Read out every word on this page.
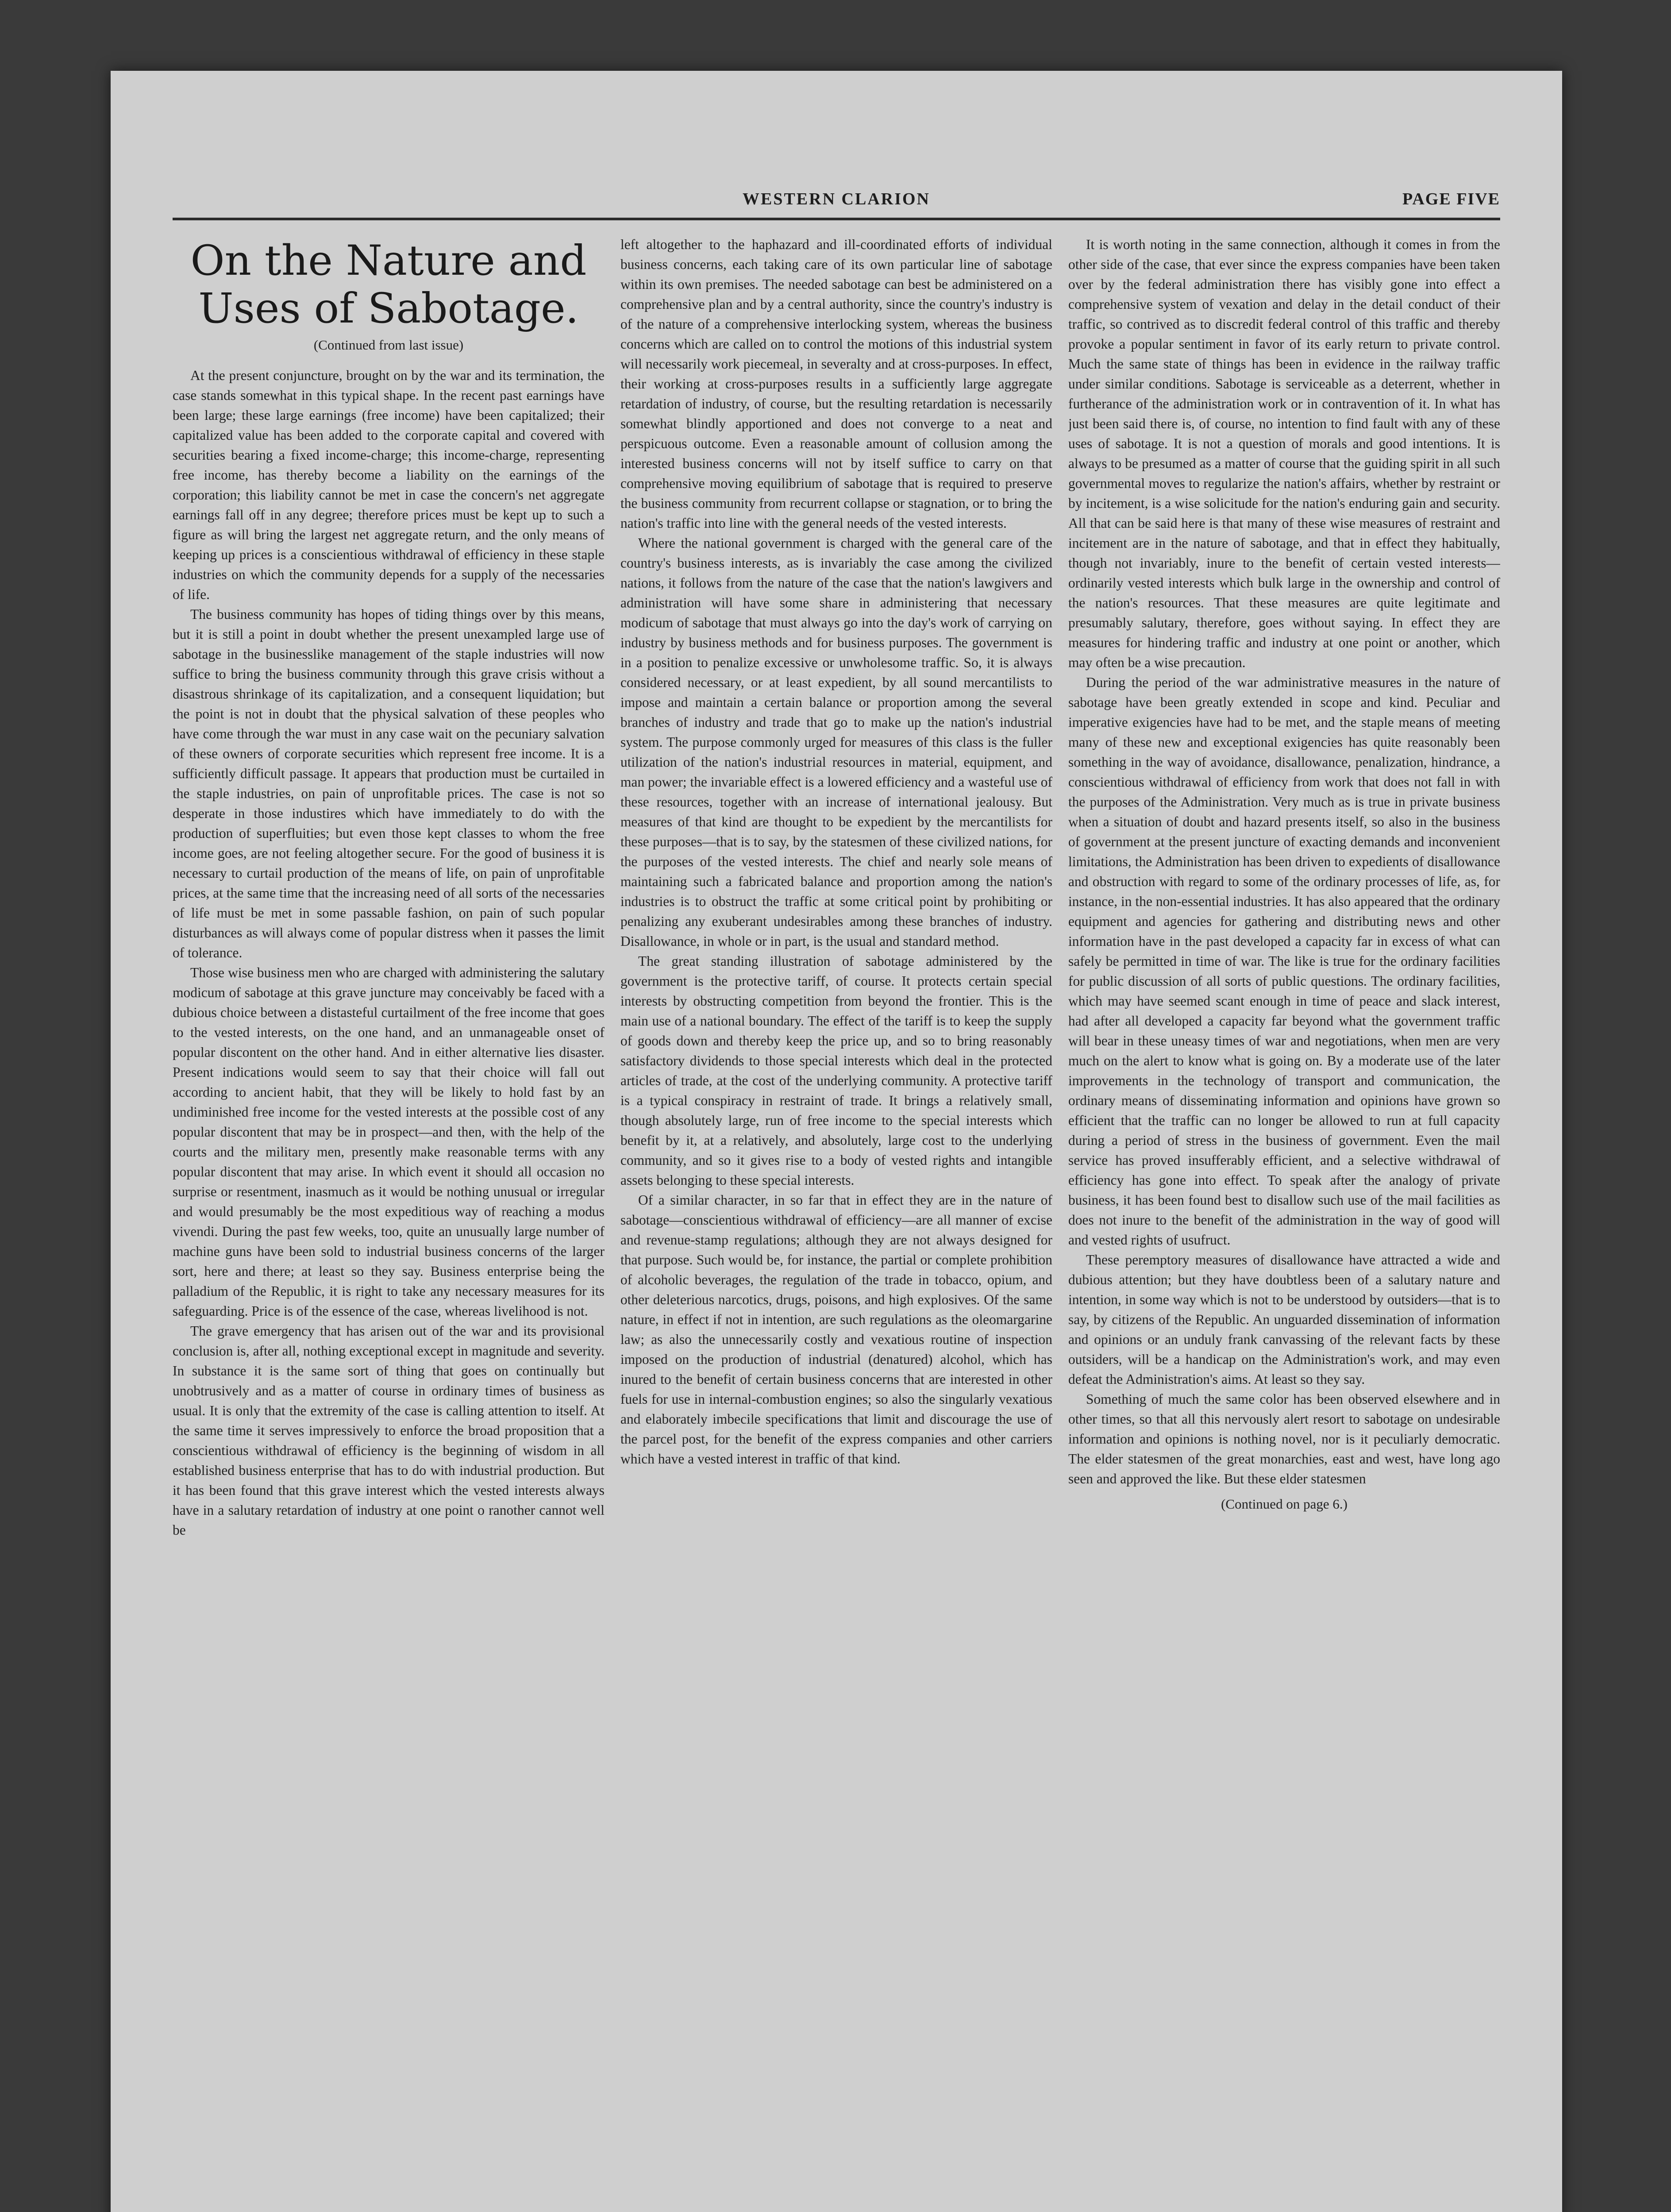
WESTERN CLARION	PAGE FIVE
On the Nature and Uses of Sabotage.
(Continued from last issue)

At the present conjuncture, brought on by the war and its termination, the case stands somewhat in this typical shape. In the recent past earnings have been large; these large earnings (free income) have been capitalized; their capitalized value has been added to the corporate capital and covered with securities bearing a fixed income-charge; this income-charge, representing free income, has thereby become a liability on the earnings of the corporation; this liability cannot be met in case the concern's net aggregate earnings fall off in any degree; therefore prices must be kept up to such a figure as will bring the largest net aggregate return, and the only means of keeping up prices is a conscientious withdrawal of efficiency in these staple industries on which the community depends for a supply of the necessaries of life.

The business community has hopes of tiding things over by this means, but it is still a point in doubt whether the present unexampled large use of sabotage in the businesslike management of the staple industries will now suffice to bring the business community through this grave crisis without a disastrous shrinkage of its capitalization, and a consequent liquidation; but the point is not in doubt that the physical salvation of these peoples who have come through the war must in any case wait on the pecuniary salvation of these owners of corporate securities which represent free income. It is a sufficiently difficult passage. It appears that production must be curtailed in the staple industries, on pain of unprofitable prices. The case is not so desperate in those industires which have immediately to do with the production of superfluities; but even those kept classes to whom the free income goes, are not feeling altogether secure. For the good of business it is necessary to curtail production of the means of life, on pain of unprofitable prices, at the same time that the increasing need of all sorts of the necessaries of life must be met in some passable fashion, on pain of such popular disturbances as will always come of popular distress when it passes the limit of tolerance.

Those wise business men who are charged with administering the salutary modicum of sabotage at this grave juncture may conceivably be faced with a dubious choice between a distasteful curtailment of the free income that goes to the vested interests, on the one hand, and an unmanageable onset of popular discontent on the other hand. And in either alternative lies disaster. Present indications would seem to say that their choice will fall out according to ancient habit, that they will be likely to hold fast by an undiminished free income for the vested interests at the possible cost of any popular discontent that may be in prospect—and then, with the help of the courts and the military men, presently make reasonable terms with any popular discontent that may arise. In which event it should all occasion no surprise or resentment, inasmuch as it would be nothing unusual or irregular and would presumably be the most expeditious way of reaching a modus vivendi. During the past few weeks, too, quite an unusually large number of machine guns have been sold to industrial business concerns of the larger sort, here and there; at least so they say. Business enterprise being the palladium of the Republic, it is right to take any necessary measures for its safeguarding. Price is of the essence of the case, whereas livelihood is not.

The grave emergency that has arisen out of the war and its provisional conclusion is, after all, nothing exceptional except in magnitude and severity. In substance it is the same sort of thing that goes on continually but unobtrusively and as a matter of course in ordinary times of business as usual. It is only that the extremity of the case is calling attention to itself. At the same time it serves impressively to enforce the broad proposition that a conscientious withdrawal of efficiency is the beginning of wisdom in all established business enterprise that has to do with industrial production. But it has been found that this grave interest which the vested interests always have in a salutary retardation of industry at one point o ranother cannot well be

left altogether to the haphazard and ill-coordinated efforts of individual business concerns, each taking care of its own particular line of sabotage within its own premises. The needed sabotage can best be administered on a comprehensive plan and by a central authority, since the country's industry is of the nature of a comprehensive interlocking system, whereas the business concerns which are called on to control the motions of this industrial system will necessarily work piecemeal, in severalty and at cross-purposes. In effect, their working at cross-purposes results in a sufficiently large aggregate retardation of industry, of course, but the resulting retardation is necessarily somewhat blindly apportioned and does not converge to a neat and perspicuous outcome. Even a reasonable amount of collusion among the interested business concerns will not by itself suffice to carry on that comprehensive moving equilibrium of sabotage that is required to preserve the business community from recurrent collapse or stagnation, or to bring the nation's traffic into line with the general needs of the vested interests.

Where the national government is charged with the general care of the country's business interests, as is invariably the case among the civilized nations, it follows from the nature of the case that the nation's lawgivers and administration will have some share in administering that necessary modicum of sabotage that must always go into the day's work of carrying on industry by business methods and for business purposes. The government is in a position to penalize excessive or unwholesome traffic. So, it is always considered necessary, or at least expedient, by all sound mercantilists to impose and maintain a certain balance or proportion among the several branches of industry and trade that go to make up the nation's industrial system. The purpose commonly urged for measures of this class is the fuller utilization of the nation's industrial resources in material, equipment, and man power; the invariable effect is a lowered efficiency and a wasteful use of these resources, together with an increase of international jealousy. But measures of that kind are thought to be expedient by the mercantilists for these purposes—that is to say, by the statesmen of these civilized nations, for the purposes of the vested interests. The chief and nearly sole means of maintaining such a fabricated balance and proportion among the nation's industries is to obstruct the traffic at some critical point by prohibiting or penalizing any exuberant undesirables among these branches of industry. Disallowance, in whole or in part, is the usual and standard method.

The great standing illustration of sabotage administered by the government is the protective tariff, of course. It protects certain special interests by obstructing competition from beyond the frontier. This is the main use of a national boundary. The effect of the tariff is to keep the supply of goods down and thereby keep the price up, and so to bring reasonably satisfactory dividends to those special interests which deal in the protected articles of trade, at the cost of the underlying community. A protective tariff is a typical conspiracy in restraint of trade. It brings a relatively small, though absolutely large, run of free income to the special interests which benefit by it, at a relatively, and absolutely, large cost to the underlying community, and so it gives rise to a body of vested rights and intangible assets belonging to these special interests.

Of a similar character, in so far that in effect they are in the nature of sabotage—conscientious withdrawal of efficiency—are all manner of excise and revenue-stamp regulations; although they are not always designed for that purpose. Such would be, for instance, the partial or complete prohibition of alcoholic beverages, the regulation of the trade in tobacco, opium, and other deleterious narcotics, drugs, poisons, and high explosives. Of the same nature, in effect if not in intention, are such regulations as the oleomargarine law; as also the unnecessarily costly and vexatious routine of inspection imposed on the production of industrial (denatured) alcohol, which has inured to the benefit of certain business concerns that are interested in other fuels for use in internal-combustion engines; so also the singularly vexatious and elaborately imbecile specifications that limit and discourage the use of the parcel post, for the benefit of the express companies and other carriers which have a vested interest in traffic of that kind.

It is worth noting in the same connection, although it comes in from the other side of the case, that ever since the express companies have been taken over by the federal administration there has visibly gone into effect a comprehensive system of vexation and delay in the detail conduct of their traffic, so contrived as to discredit federal control of this traffic and thereby provoke a popular sentiment in favor of its early return to private control. Much the same state of things has been in evidence in the railway traffic under similar conditions. Sabotage is serviceable as a deterrent, whether in furtherance of the administration work or in contravention of it. In what has just been said there is, of course, no intention to find fault with any of these uses of sabotage. It is not a question of morals and good intentions. It is always to be presumed as a matter of course that the guiding spirit in all such governmental moves to regularize the nation's affairs, whether by restraint or by incitement, is a wise solicitude for the nation's enduring gain and security. All that can be said here is that many of these wise measures of restraint and incitement are in the nature of sabotage, and that in effect they habitually, though not invariably, inure to the benefit of certain vested interests—ordinarily vested interests which bulk large in the ownership and control of the nation's resources. That these measures are quite legitimate and presumably salutary, therefore, goes without saying. In effect they are measures for hindering traffic and industry at one point or another, which may often be a wise precaution.

During the period of the war administrative measures in the nature of sabotage have been greatly extended in scope and kind. Peculiar and imperative exigencies have had to be met, and the staple means of meeting many of these new and exceptional exigencies has quite reasonably been something in the way of avoidance, disallowance, penalization, hindrance, a conscientious withdrawal of efficiency from work that does not fall in with the purposes of the Administration. Very much as is true in private business when a situation of doubt and hazard presents itself, so also in the business of government at the present juncture of exacting demands and inconvenient limitations, the Administration has been driven to expedients of disallowance and obstruction with regard to some of the ordinary processes of life, as, for instance, in the non-essential industries. It has also appeared that the ordinary equipment and agencies for gathering and distributing news and other information have in the past developed a capacity far in excess of what can safely be permitted in time of war. The like is true for the ordinary facilities for public discussion of all sorts of public questions. The ordinary facilities, which may have seemed scant enough in time of peace and slack interest, had after all developed a capacity far beyond what the government traffic will bear in these uneasy times of war and negotiations, when men are very much on the alert to know what is going on. By a moderate use of the later improvements in the technology of transport and communication, the ordinary means of disseminating information and opinions have grown so efficient that the traffic can no longer be allowed to run at full capacity during a period of stress in the business of government. Even the mail service has proved insufferably efficient, and a selective withdrawal of efficiency has gone into effect. To speak after the analogy of private business, it has been found best to disallow such use of the mail facilities as does not inure to the benefit of the administration in the way of good will and vested rights of usufruct.

These peremptory measures of disallowance have attracted a wide and dubious attention; but they have doubtless been of a salutary nature and intention, in some way which is not to be understood by outsiders—that is to say, by citizens of the Republic. An unguarded dissemination of information and opinions or an unduly frank canvassing of the relevant facts by these outsiders, will be a handicap on the Administration's work, and may even defeat the Administration's aims. At least so they say.

Something of much the same color has been observed elsewhere and in other times, so that all this nervously alert resort to sabotage on undesirable information and opinions is nothing novel, nor is it peculiarly democratic. The elder statesmen of the great monarchies, east and west, have long ago seen and approved the like. But these elder statesmen

(Continued on page 6.)
